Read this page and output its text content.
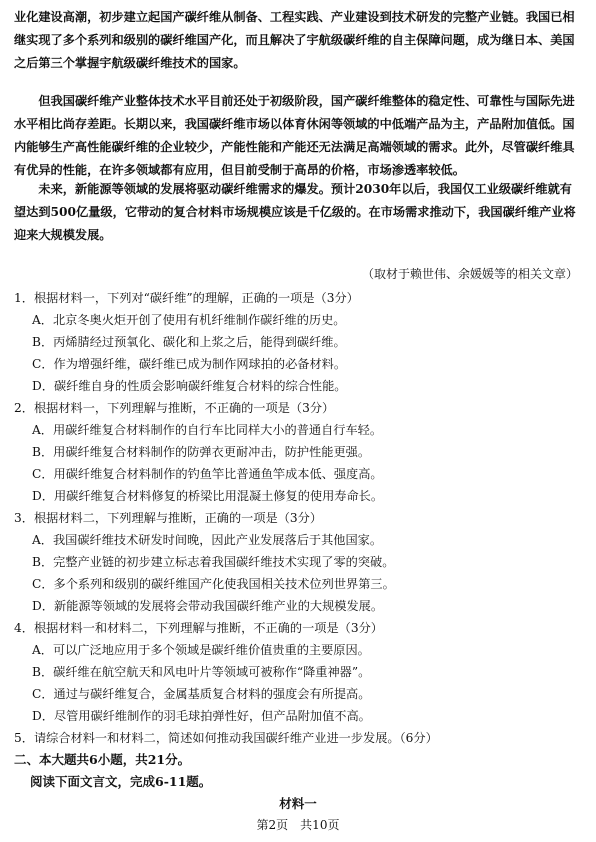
业化建设高潮，初步建立起国产碳纤维从制备、工程实践、产业建设到技术研发的完整产业链。我国已相继实现了多个系列和级别的碳纤维国产化，而且解决了宇航级碳纤维的自主保障问题，成为继日本、美国之后第三个掌握宇航级碳纤维技术的国家。

但我国碳纤维产业整体技术水平目前还处于初级阶段，国产碳纤维整体的稳定性、可靠性与国际先进水平相比尚存差距。长期以来，我国碳纤维市场以体育休闲等领域的中低端产品为主，产品附加值低。国内能够生产高性能碳纤维的企业较少，产能性能和产能还无法满足高端领域的需求。此外，尽管碳纤维具有优异的性能，在许多领域都有应用，但目前受制于高昂的价格，市场渗透率较低。

未来，新能源等领域的发展将驱动碳纤维需求的爆发。预计2030年以后，我国仅工业级碳纤维就有望达到500亿量级，它带动的复合材料市场规模应该是千亿级的。在市场需求推动下，我国碳纤维产业将迎来大规模发展。

（取材于赖世伟、余媛媛等的相关文章）
1．根据材料一，下列对“碳纤维”的理解，正确的一项是（3分）
A．北京冬奥火炬开创了使用有机纤维制作碳纤维的历史。
B．丙烯腈经过预氧化、碳化和上浆之后，能得到碳纤维。
C．作为增强纤维，碳纤维已成为制作网球拍的必备材料。
D．碳纤维自身的性质会影响碳纤维复合材料的综合性能。
2．根据材料一，下列理解与推断，不正确的一项是（3分）
A．用碳纤维复合材料制作的自行车比同样大小的普通自行车轻。
B．用碳纤维复合材料制作的防弹衣更耐冲击，防护性能更强。
C．用碳纤维复合材料制作的钓鱼竿比普通鱼竿成本低、强度高。
D．用碳纤维复合材料修复的桥梁比用混凝土修复的使用寿命长。
3．根据材料二，下列理解与推断，正确的一项是（3分）
A．我国碳纤维技术研发时间晚，因此产业发展落后于其他国家。
B．完整产业链的初步建立标志着我国碳纤维技术实现了零的突破。
C．多个系列和级别的碳纤维国产化使我国相关技术位列世界第三。
D．新能源等领域的发展将会带动我国碳纤维产业的大规模发展。
4．根据材料一和材料二，下列理解与推断，不正确的一项是（3分）
A．可以广泛地应用于多个领域是碳纤维价值贵重的主要原因。
B．碳纤维在航空航天和风电叶片等领域可被称作“降重神器”。
C．通过与碳纤维复合，金属基质复合材料的强度会有所提高。
D．尽管用碳纤维制作的羽毛球拍弹性好，但产品附加值不高。
5．请综合材料一和材料二，简述如何推动我国碳纤维产业进一步发展。（6分）
二、本大题共6小题，共21分。
阅读下面文言文，完成6-11题。
材料一
第2页　共10页
